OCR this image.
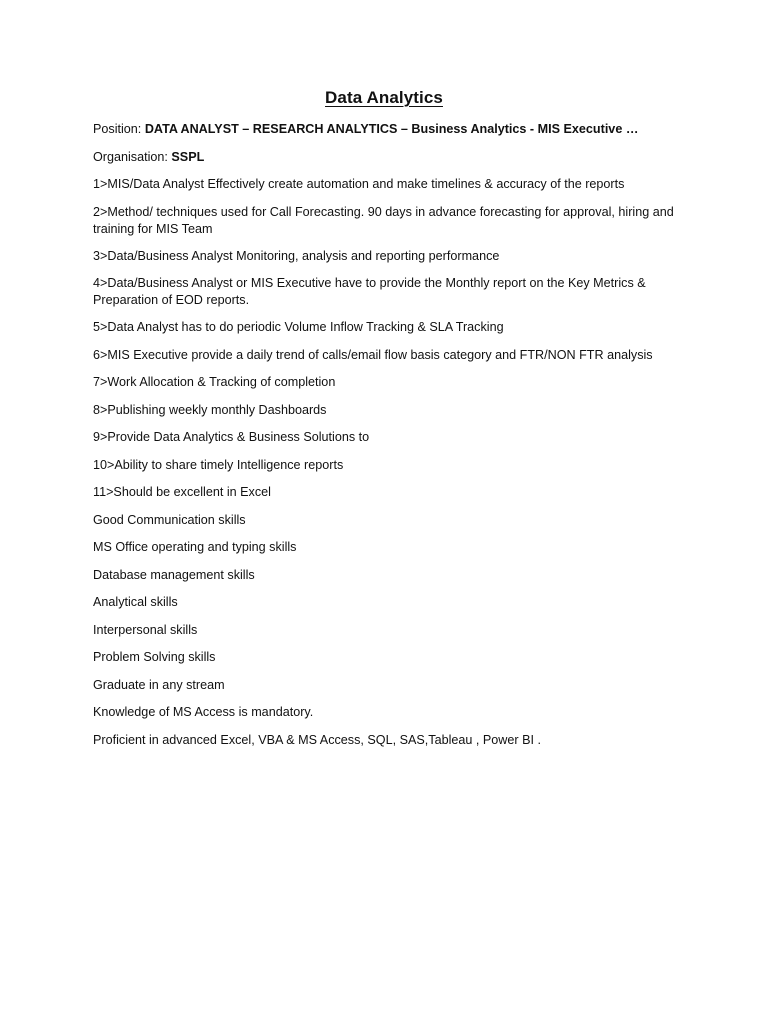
Data Analytics

Position: DATA ANALYST – RESEARCH ANALYTICS – Business Analytics - MIS Executive …

Organisation: SSPL

1>MIS/Data Analyst Effectively create automation and make timelines & accuracy of the reports

2>Method/ techniques used for Call Forecasting. 90 days in advance forecasting for approval, hiring and training for MIS Team

3>Data/Business Analyst Monitoring, analysis and reporting performance

4>Data/Business Analyst or MIS Executive have to provide the Monthly report on the Key Metrics & Preparation of EOD reports.

5>Data Analyst has to do periodic Volume Inflow Tracking & SLA Tracking

6>MIS Executive provide a daily trend of calls/email flow basis category and FTR/NON FTR analysis

7>Work Allocation & Tracking of completion

8>Publishing weekly monthly Dashboards

9>Provide Data Analytics & Business Solutions to

10>Ability to share timely Intelligence reports

11>Should be excellent in Excel

Good Communication skills

MS Office operating and typing skills

Database management skills

Analytical skills

Interpersonal skills

Problem Solving skills

Graduate in any stream

Knowledge of MS Access is mandatory.

Proficient in advanced Excel, VBA & MS Access, SQL, SAS,Tableau , Power BI .
